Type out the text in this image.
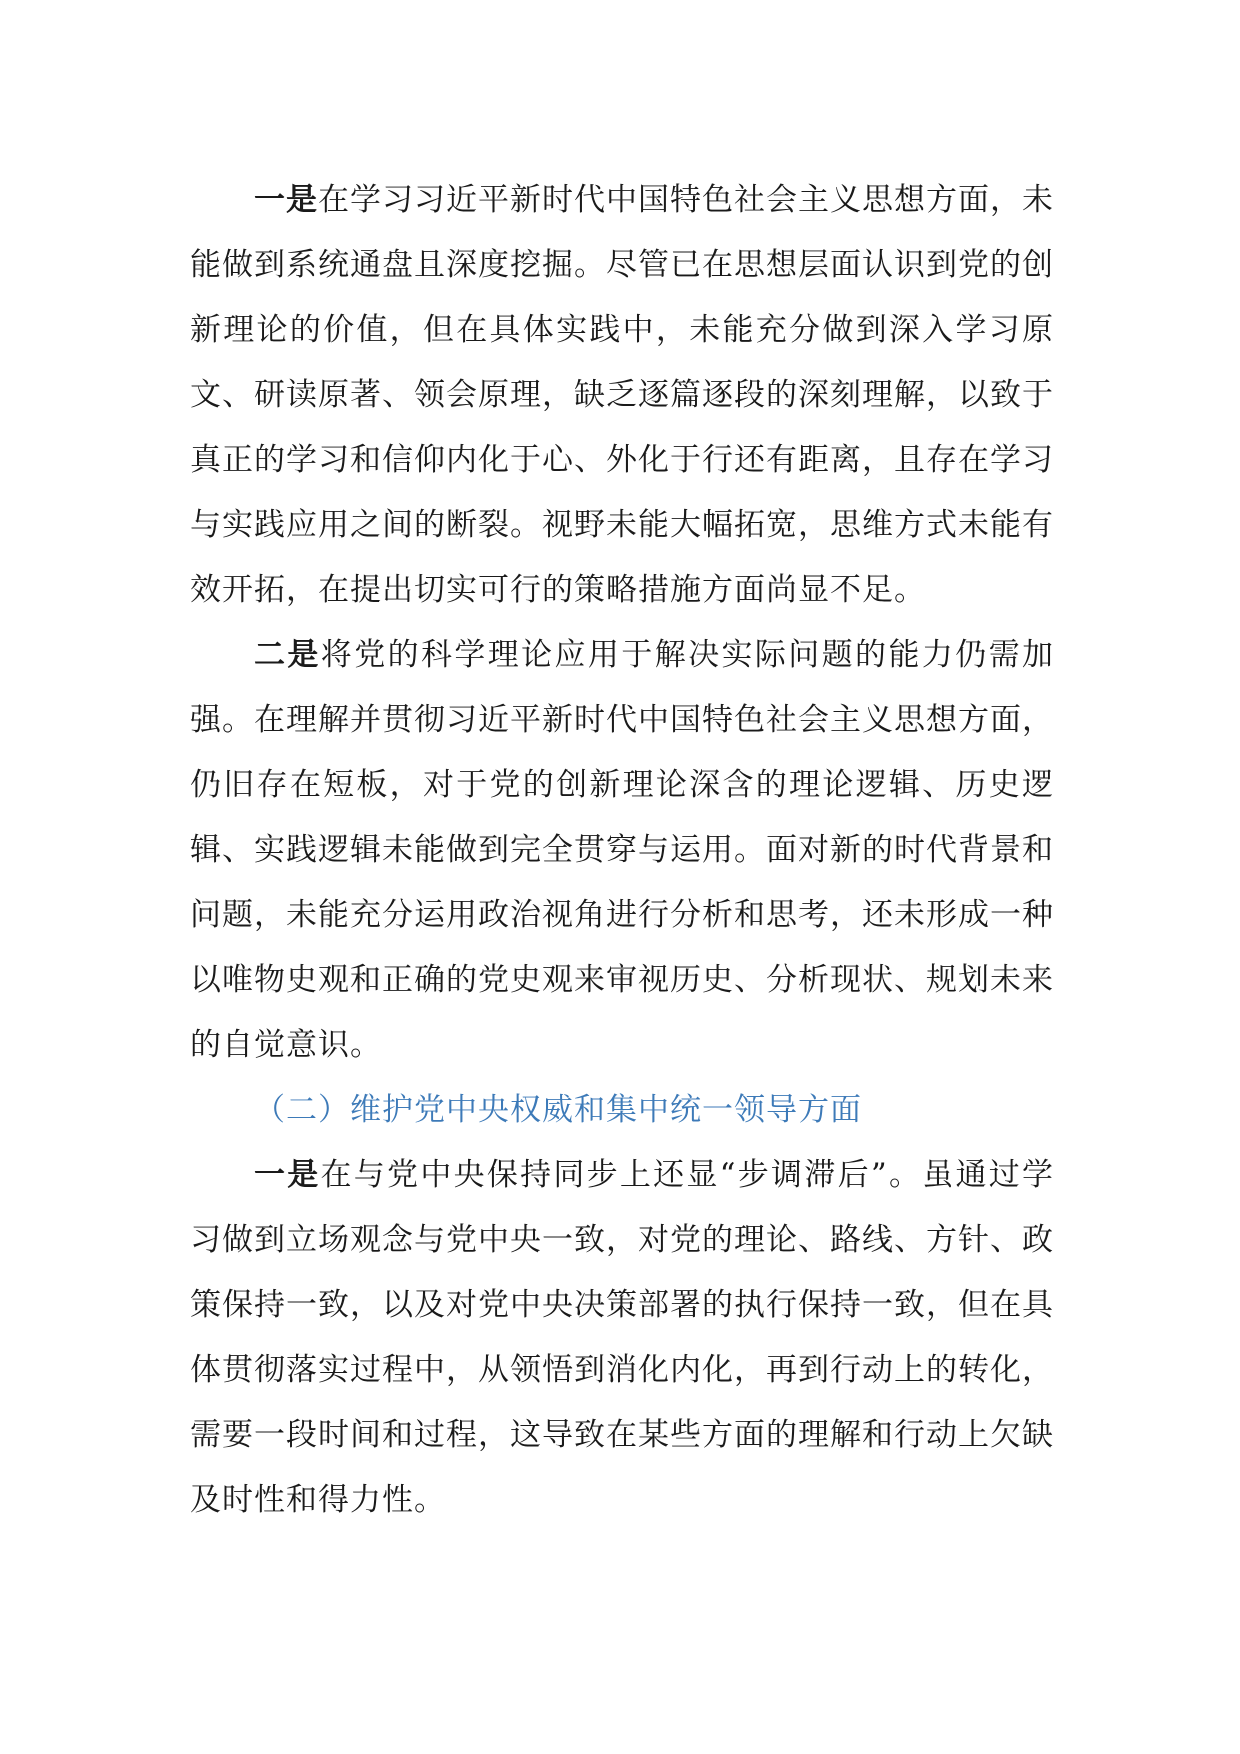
一是在学习习近平新时代中国特色社会主义思想方面，未能做到系统通盘且深度挖掘。尽管已在思想层面认识到党的创新理论的价值，但在具体实践中，未能充分做到深入学习原文、研读原著、领会原理，缺乏逐篇逐段的深刻理解，以致于真正的学习和信仰内化于心、外化于行还有距离，且存在学习与实践应用之间的断裂。视野未能大幅拓宽，思维方式未能有效开拓，在提出切实可行的策略措施方面尚显不足。

二是将党的科学理论应用于解决实际问题的能力仍需加强。在理解并贯彻习近平新时代中国特色社会主义思想方面，仍旧存在短板，对于党的创新理论深含的理论逻辑、历史逻辑、实践逻辑未能做到完全贯穿与运用。面对新的时代背景和问题，未能充分运用政治视角进行分析和思考，还未形成一种以唯物史观和正确的党史观来审视历史、分析现状、规划未来的自觉意识。

（二）维护党中央权威和集中统一领导方面

一是在与党中央保持同步上还显“步调滞后”。虽通过学习做到立场观念与党中央一致，对党的理论、路线、方针、政策保持一致，以及对党中央决策部署的执行保持一致，但在具体贯彻落实过程中，从领悟到消化内化，再到行动上的转化，需要一段时间和过程，这导致在某些方面的理解和行动上欠缺及时性和得力性。
